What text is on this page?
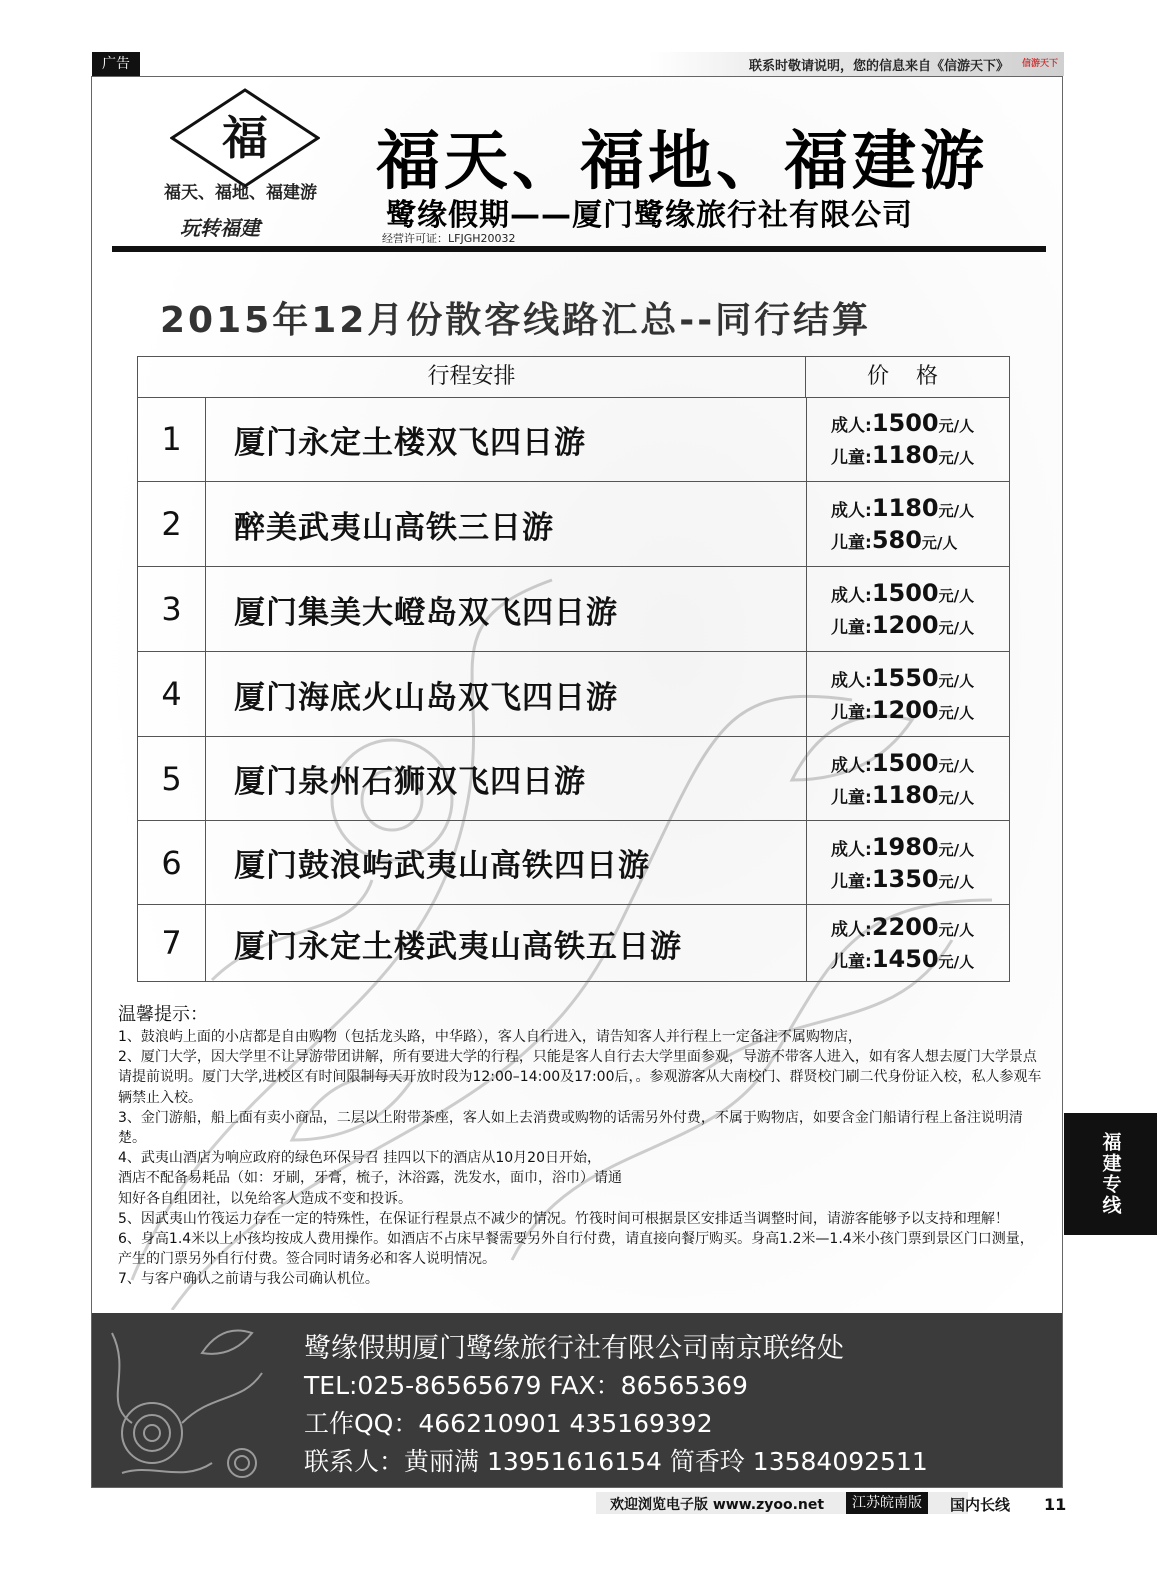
广告	联系时敬请说明，您的信息来自《信游天下》	信游天下
福
福天、福地、福建游
玩转福建
福天、福地、福建游
鹭缘假期——厦门鹭缘旅行社有限公司
经营许可证：LFJGH20032
2015年12月份散客线路汇总--同行结算
行程安排	价 格
1	厦门永定土楼双飞四日游	成人:1500元/人
儿童:1180元/人
2	醉美武夷山高铁三日游	成人:1180元/人
儿童:580元/人
3	厦门集美大嶝岛双飞四日游	成人:1500元/人
儿童:1200元/人
4	厦门海底火山岛双飞四日游	成人:1550元/人
儿童:1200元/人
5	厦门泉州石狮双飞四日游	成人:1500元/人
儿童:1180元/人
6	厦门鼓浪屿武夷山高铁四日游	成人:1980元/人
儿童:1350元/人
7	厦门永定土楼武夷山高铁五日游	成人:2200元/人
儿童:1450元/人
温馨提示：
1、鼓浪屿上面的小店都是自由购物（包括龙头路，中华路），客人自行进入，请告知客人并行程上一定备注不属购物店，
2、厦门大学，因大学里不让导游带团讲解，所有要进大学的行程，只能是客人自行去大学里面参观，导游不带客人进入，如有客人想去厦门大学景点请提前说明。厦门大学,进校区有时间限制每天开放时段为12:00–14:00及17:00后，。参观游客从大南校门、群贤校门刷二代身份证入校，私人参观车辆禁止入校。
3、金门游船，船上面有卖小商品，二层以上附带茶座，客人如上去消费或购物的话需另外付费，不属于购物店，如要含金门船请行程上备注说明清楚。
4、武夷山酒店为响应政府的绿色环保号召 挂四以下的酒店从10月20日开始，
酒店不配备易耗品（如：牙刷，牙膏，梳子，沐浴露，洗发水，面巾，浴巾）请通
知好各自组团社，以免给客人造成不变和投诉。
5、因武夷山竹筏运力存在一定的特殊性，在保证行程景点不减少的情况。竹筏时间可根据景区安排适当调整时间，请游客能够予以支持和理解！
6、身高1.4米以上小孩均按成人费用操作。如酒店不占床早餐需要另外自行付费，请直接向餐厅购买。身高1.2米—1.4米小孩门票到景区门口测量，产生的门票另外自行付费。签合同时请务必和客人说明情况。
7、与客户确认之前请与我公司确认机位。
福建专线
鹭缘假期厦门鹭缘旅行社有限公司南京联络处
TEL:025-86565679 FAX：86565369
工作QQ：466210901 435169392
联系人：黄丽满 13951616154 简香玲 13584092511
欢迎浏览电子版 www.zyoo.net	江苏皖南版	国内长线 11
